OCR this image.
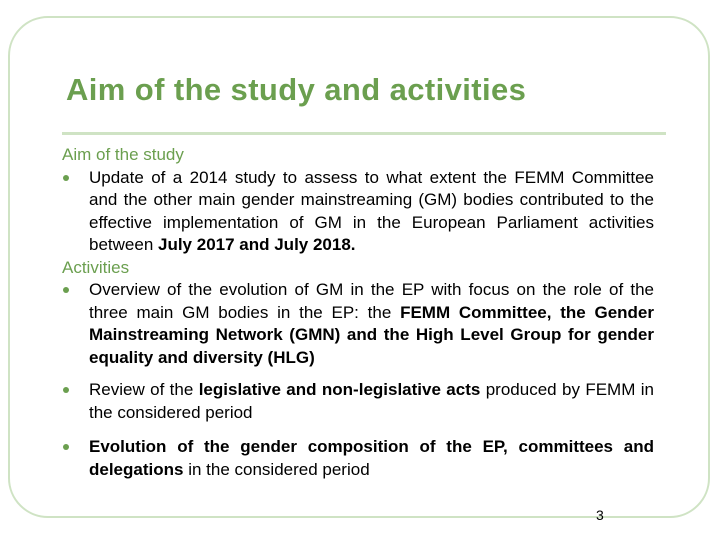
Aim of the study and activities
Aim of the study
Update of a 2014 study to assess to what extent the FEMM Committee and the other main gender mainstreaming (GM) bodies contributed to the effective implementation of GM in the European Parliament activities between July 2017 and July 2018.
Activities
Overview of the evolution of GM in the EP with focus on the role of the three main GM bodies in the EP: the FEMM Committee, the Gender Mainstreaming Network (GMN) and the High Level Group for gender equality and diversity (HLG)
Review of the legislative and non-legislative acts produced by FEMM in the considered period
Evolution of the gender composition of the EP, committees and delegations in the considered period
3
